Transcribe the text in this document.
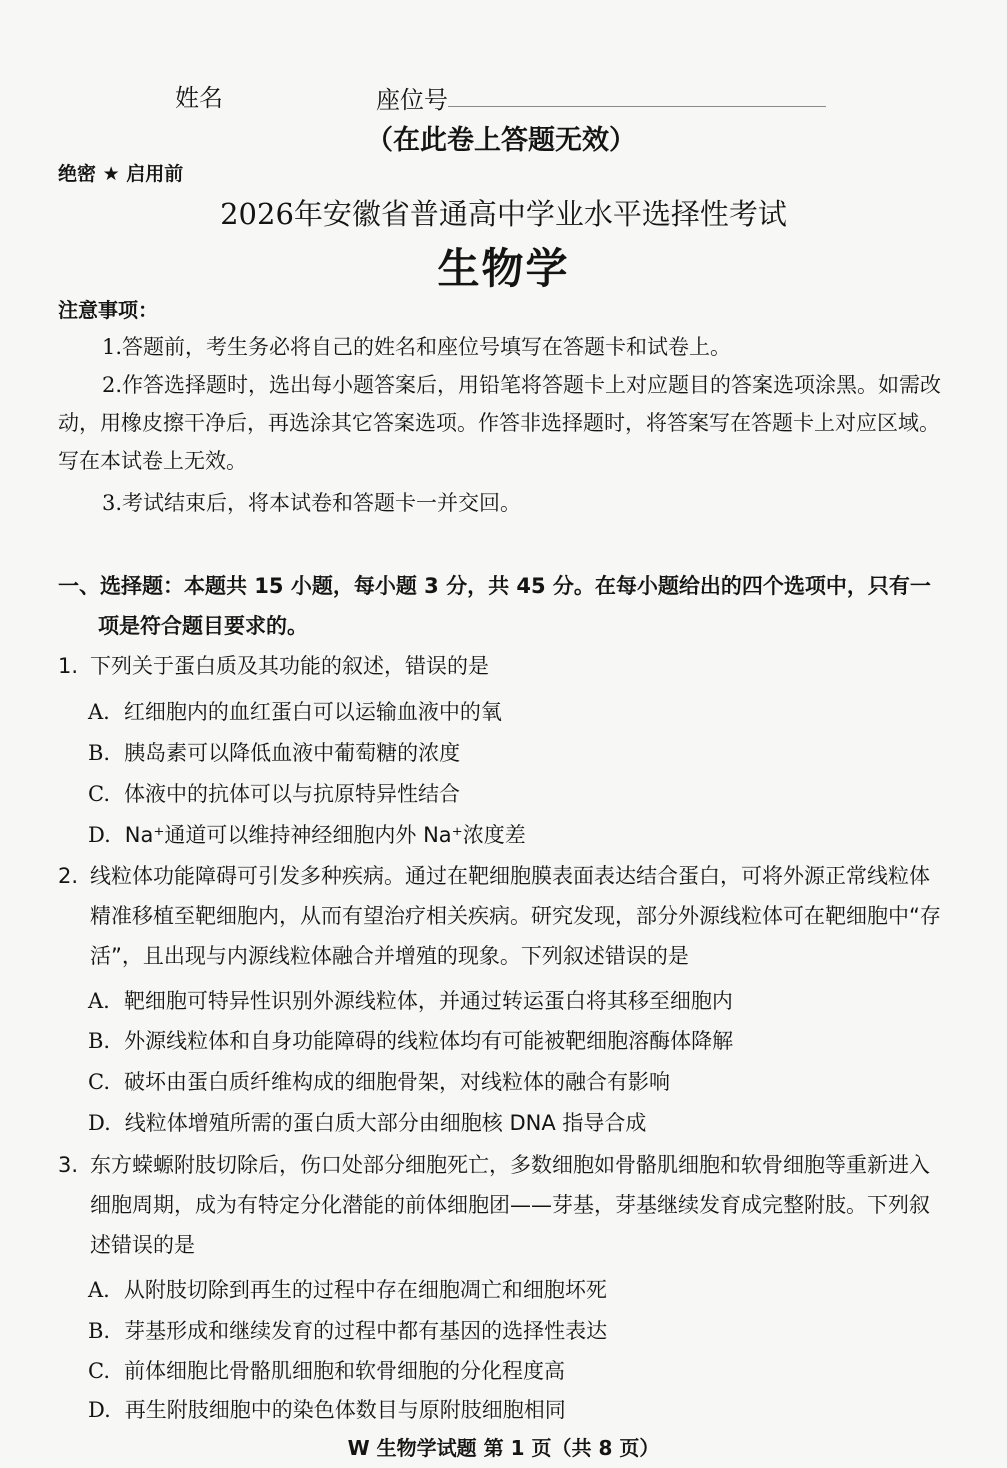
姓名	座位号
（在此卷上答题无效）
绝密 ★ 启用前
2026年安徽省普通高中学业水平选择性考试
生物学
注意事项：
1.答题前，考生务必将自己的姓名和座位号填写在答题卡和试卷上。
2.作答选择题时，选出每小题答案后，用铅笔将答题卡上对应题目的答案选项涂黑。如需改动，用橡皮擦干净后，再选涂其它答案选项。作答非选择题时，将答案写在答题卡上对应区域。写在本试卷上无效。
3.考试结束后，将本试卷和答题卡一并交回。
一、选择题：本题共 15 小题，每小题 3 分，共 45 分。在每小题给出的四个选项中，只有一
项是符合题目要求的。
1. 下列关于蛋白质及其功能的叙述，错误的是
A. 红细胞内的血红蛋白可以运输血液中的氧
B. 胰岛素可以降低血液中葡萄糖的浓度
C. 体液中的抗体可以与抗原特异性结合
D. Na⁺通道可以维持神经细胞内外 Na⁺浓度差
2. 线粒体功能障碍可引发多种疾病。通过在靶细胞膜表面表达结合蛋白，可将外源正常线粒体精准移植至靶细胞内，从而有望治疗相关疾病。研究发现，部分外源线粒体可在靶细胞中“存活”，且出现与内源线粒体融合并增殖的现象。下列叙述错误的是
A. 靶细胞可特异性识别外源线粒体，并通过转运蛋白将其移至细胞内
B. 外源线粒体和自身功能障碍的线粒体均有可能被靶细胞溶酶体降解
C. 破坏由蛋白质纤维构成的细胞骨架，对线粒体的融合有影响
D. 线粒体增殖所需的蛋白质大部分由细胞核 DNA 指导合成
3. 东方蝾螈附肢切除后，伤口处部分细胞死亡，多数细胞如骨骼肌细胞和软骨细胞等重新进入细胞周期，成为有特定分化潜能的前体细胞团——芽基，芽基继续发育成完整附肢。下列叙述错误的是
A. 从附肢切除到再生的过程中存在细胞凋亡和细胞坏死
B. 芽基形成和继续发育的过程中都有基因的选择性表达
C. 前体细胞比骨骼肌细胞和软骨细胞的分化程度高
D. 再生附肢细胞中的染色体数目与原附肢细胞相同
W 生物学试题 第 1 页（共 8 页）
